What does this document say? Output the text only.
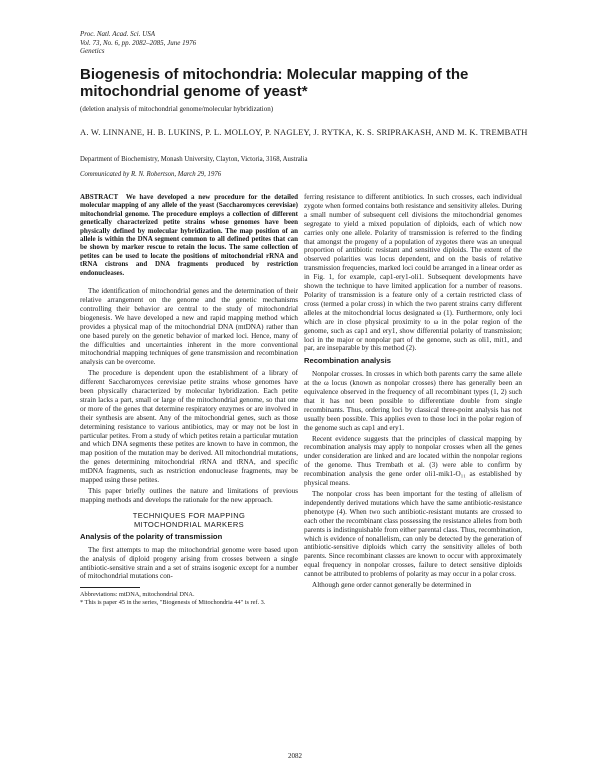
Proc. Natl. Acad. Sci. USA
Vol. 73, No. 6, pp. 2082–2085, June 1976
Genetics
Biogenesis of mitochondria: Molecular mapping of the mitochondrial genome of yeast*
(deletion analysis of mitochondrial genome/molecular hybridization)
A. W. LINNANE, H. B. LUKINS, P. L. MOLLOY, P. NAGLEY, J. RYTKA, K. S. SRIPRAKASH, AND M. K. TREMBATH
Department of Biochemistry, Monash University, Clayton, Victoria, 3168, Australia
Communicated by R. N. Robertson, March 29, 1976

ABSTRACT We have developed a new procedure for the detailed molecular mapping of any allele of the yeast (Saccharomyces cerevisiae) mitochondrial genome. The procedure employs a collection of different genetically characterized petite strains whose genomes have been physically defined by molecular hybridization. The map position of an allele is within the DNA segment common to all defined petites that can be shown by marker rescue to retain the locus. The same collection of petites can be used to locate the positions of mitochondrial rRNA and tRNA cistrons and DNA fragments produced by restriction endonucleases.

The identification of mitochondrial genes and the determination of their relative arrangement on the genome and the genetic mechanisms controlling their behavior are central to the study of mitochondrial biogenesis. We have developed a new and rapid mapping method which provides a physical map of the mitochondrial DNA (mtDNA) rather than one based purely on the genetic behavior of marked loci. Hence, many of the difficulties and uncertainties inherent in the more conventional mitochondrial mapping techniques of gene transmission and recombination analysis can be overcome.

The procedure is dependent upon the establishment of a library of different Saccharomyces cerevisiae petite strains whose genomes have been physically characterized by molecular hybridization. Each petite strain lacks a part, small or large of the mitochondrial genome, so that one or more of the genes that determine respiratory enzymes or are involved in their synthesis are absent. Any of the mitochondrial genes, such as those determining resistance to various antibiotics, may or may not be lost in particular petites. From a study of which petites retain a particular mutation and which DNA segments these petites are known to have in common, the map position of the mutation may be derived. All mitochondrial mutations, the genes determining mitochondrial rRNA and tRNA, and specific mtDNA fragments, such as restriction endonuclease fragments, may be mapped using these petites.

This paper briefly outlines the nature and limitations of previous mapping methods and develops the rationale for the new approach.

TECHNIQUES FOR MAPPING
MITOCHONDRIAL MARKERS

Analysis of the polarity of transmission

The first attempts to map the mitochondrial genome were based upon the analysis of diploid progeny arising from crosses between a single antibiotic-sensitive strain and a set of strains isogenic except for a number of mitochondrial mutations con-

Abbreviations: mtDNA, mitochondrial DNA.

* This is paper 45 in the series, "Biogenesis of Mitochondria 44" is ref. 3.

ferring resistance to different antibiotics. In such crosses, each individual zygote when formed contains both resistance and sensitivity alleles. During a small number of subsequent cell divisions the mitochondrial genomes segregate to yield a mixed population of diploids, each of which now carries only one allele. Polarity of transmission is referred to the finding that amongst the progeny of a population of zygotes there was an unequal proportion of antibiotic resistant and sensitive diploids. The extent of the observed polarities was locus dependent, and on the basis of relative transmission frequencies, marked loci could be arranged in a linear order as in Fig. 1, for example, cap1-ery1-oli1. Subsequent developments have shown the technique to have limited application for a number of reasons. Polarity of transmission is a feature only of a certain restricted class of cross (termed a polar cross) in which the two parent strains carry different alleles at the mitochondrial locus designated ω (1). Furthermore, only loci which are in close physical proximity to ω in the polar region of the genome, such as cap1 and ery1, show differential polarity of transmission; loci in the major or nonpolar part of the genome, such as oli1, mit1, and par, are inseparable by this method (2).

Recombination analysis

Nonpolar crosses. In crosses in which both parents carry the same allele at the ω locus (known as nonpolar crosses) there has generally been an equivalence observed in the frequency of all recombinant types (1, 2) such that it has not been possible to differentiate double from single recombinants. Thus, ordering loci by classical three-point analysis has not usually been possible. This applies even to those loci in the polar region of the genome such as cap1 and ery1.

Recent evidence suggests that the principles of classical mapping by recombination analysis may apply to nonpolar crosses when all the genes under consideration are linked and are located within the nonpolar regions of the genome. Thus Trembath et al. (3) were able to confirm by recombination analysis the gene order oli1-mik1-O₁₁ as established by physical means.

The nonpolar cross has been important for the testing of allelism of independently derived mutations which have the same antibiotic-resistance phenotype (4). When two such antibiotic-resistant mutants are crossed to each other the recombinant class possessing the resistance alleles from both parents is indistinguishable from either parental class. Thus, recombination, which is evidence of nonallelism, can only be detected by the generation of antibiotic-sensitive diploids which carry the sensitivity alleles of both parents. Since recombinant classes are known to occur with approximately equal frequency in nonpolar crosses, failure to detect sensitive diploids cannot be attributed to problems of polarity as may occur in a polar cross.

Although gene order cannot generally be determined in

2082
